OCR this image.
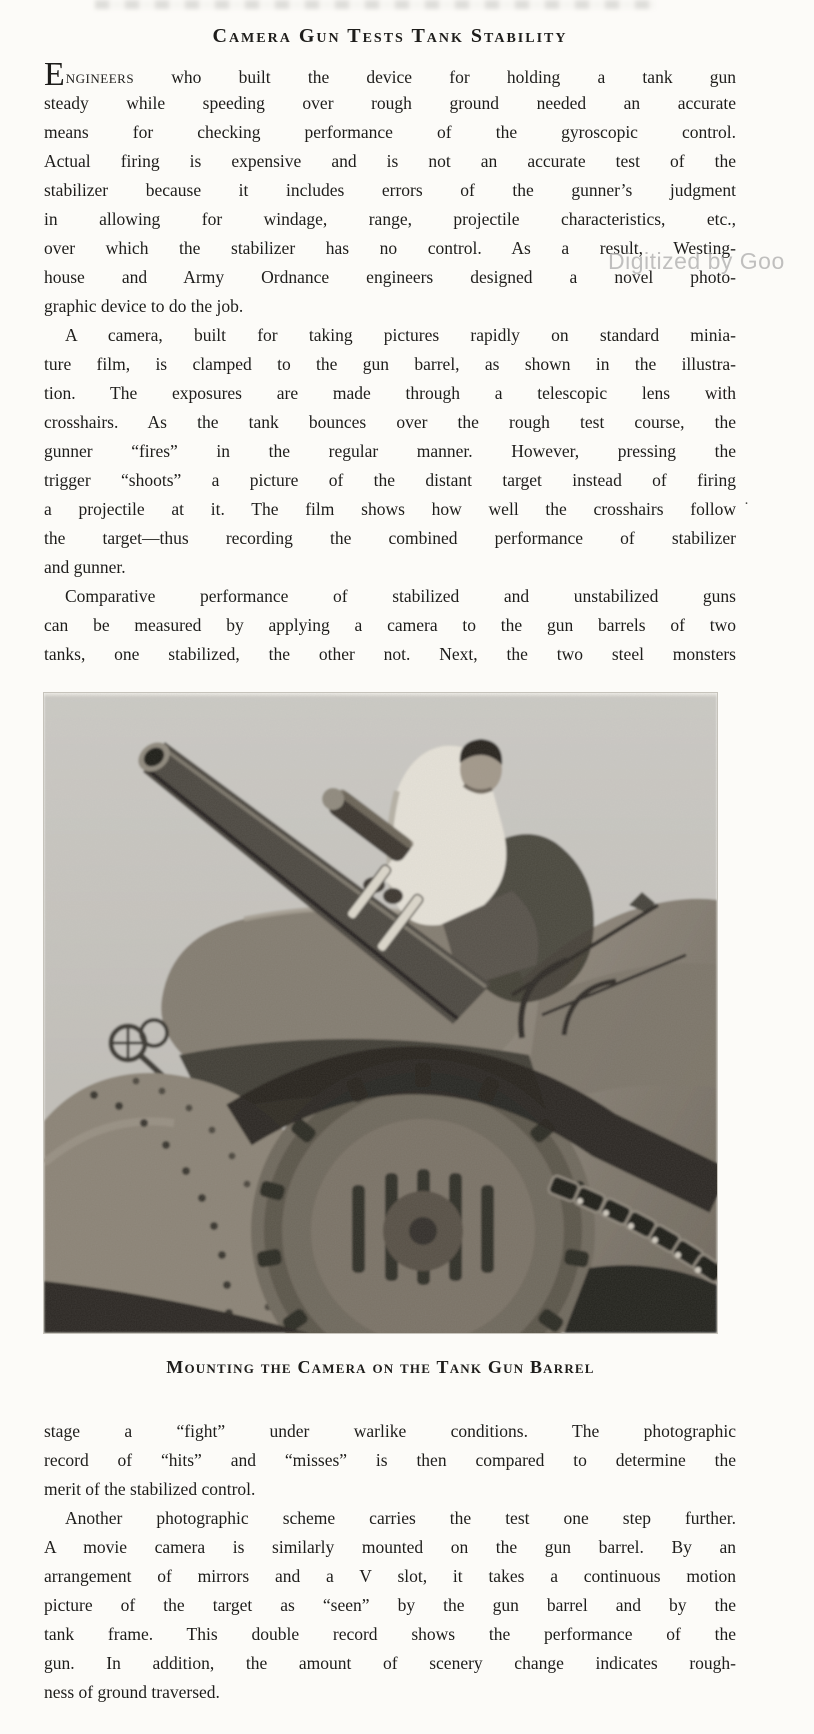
Camera Gun Tests Tank Stability
Engineers who built the device for holding a tank gun
steady while speeding over rough ground needed an accurate
means for checking performance of the gyroscopic control.
Actual firing is expensive and is not an accurate test of the
stabilizer because it includes errors of the gunner’s judgment
in allowing for windage, range, projectile characteristics, etc.,
over which the stabilizer has no control. As a result, Westing-
house and Army Ordnance engineers designed a novel photo-
graphic device to do the job.
A camera, built for taking pictures rapidly on standard minia-
ture film, is clamped to the gun barrel, as shown in the illustra-
tion. The exposures are made through a telescopic lens with
crosshairs. As the tank bounces over the rough test course, the
gunner “fires” in the regular manner. However, pressing the
trigger “shoots” a picture of the distant target instead of firing
a projectile at it. The film shows how well the crosshairs follow
the target—thus recording the combined performance of stabilizer
and gunner.
Comparative performance of stabilized and unstabilized guns
can be measured by applying a camera to the gun barrels of two
tanks, one stabilized, the other not. Next, the two steel monsters
Mounting the Camera on the Tank Gun Barrel
stage a “fight” under warlike conditions. The photographic
record of “hits” and “misses” is then compared to determine the
merit of the stabilized control.
Another photographic scheme carries the test one step further.
A movie camera is similarly mounted on the gun barrel. By an
arrangement of mirrors and a V slot, it takes a continuous motion
picture of the target as “seen” by the gun barrel and by the
tank frame. This double record shows the performance of the
gun. In addition, the amount of scenery change indicates rough-
ness of ground traversed.
Digitized by Goo
·
